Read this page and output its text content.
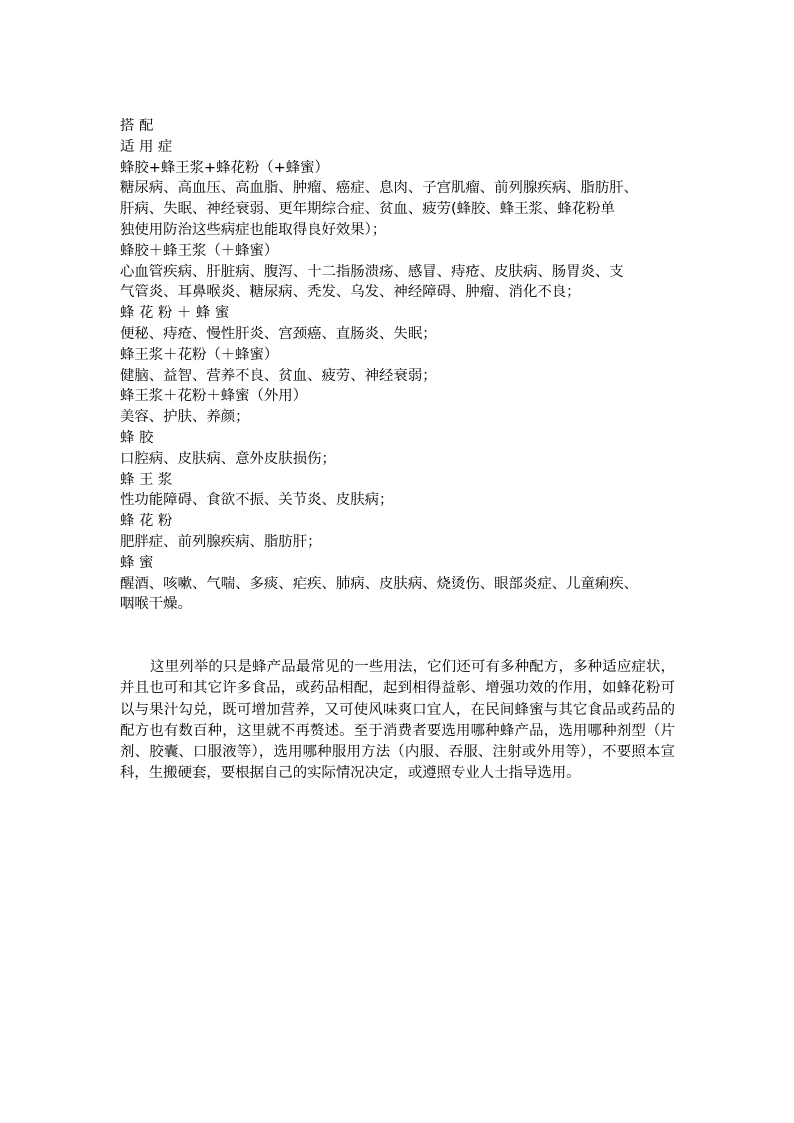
搭 配
适 用 症
蜂胶+蜂王浆+蜂花粉（+蜂蜜）
糖尿病、高血压、高血脂、肿瘤、癌症、息肉、子宫肌瘤、前列腺疾病、脂肪肝、
肝病、失眠、神经衰弱、更年期综合症、贫血、疲劳(蜂胶、蜂王浆、蜂花粉单
独使用防治这些病症也能取得良好效果）；
蜂胶＋蜂王浆（＋蜂蜜）
心血管疾病、肝脏病、腹泻、十二指肠溃疡、感冒、痔疮、皮肤病、肠胃炎、支
气管炎、耳鼻喉炎、糖尿病、秃发、乌发、神经障碍、肿瘤、消化不良；
蜂 花 粉 ＋ 蜂 蜜
便秘、痔疮、慢性肝炎、宫颈癌、直肠炎、失眠；
蜂王浆＋花粉（＋蜂蜜）
健脑、益智、营养不良、贫血、疲劳、神经衰弱；
蜂王浆＋花粉＋蜂蜜（外用）
美容、护肤、养颜；
蜂 胶
口腔病、皮肤病、意外皮肤损伤；
蜂 王 浆
性功能障碍、食欲不振、关节炎、皮肤病；
蜂 花 粉
肥胖症、前列腺疾病、脂肪肝；
蜂 蜜
醒酒、咳嗽、气喘、多痰、疟疾、肺病、皮肤病、烧烫伤、眼部炎症、儿童痢疾、
咽喉干燥。

这里列举的只是蜂产品最常见的一些用法，它们还可有多种配方，多种适应症状，并且也可和其它许多食品，或药品相配，起到相得益彰、增强功效的作用，如蜂花粉可以与果汁勾兑，既可增加营养，又可使风味爽口宜人，在民间蜂蜜与其它食品或药品的配方也有数百种，这里就不再赘述。至于消费者要选用哪种蜂产品，选用哪种剂型（片剂、胶囊、口服液等），选用哪种服用方法（内服、吞服、注射或外用等），不要照本宣科，生搬硬套，要根据自己的实际情况决定，或遵照专业人士指导选用。
